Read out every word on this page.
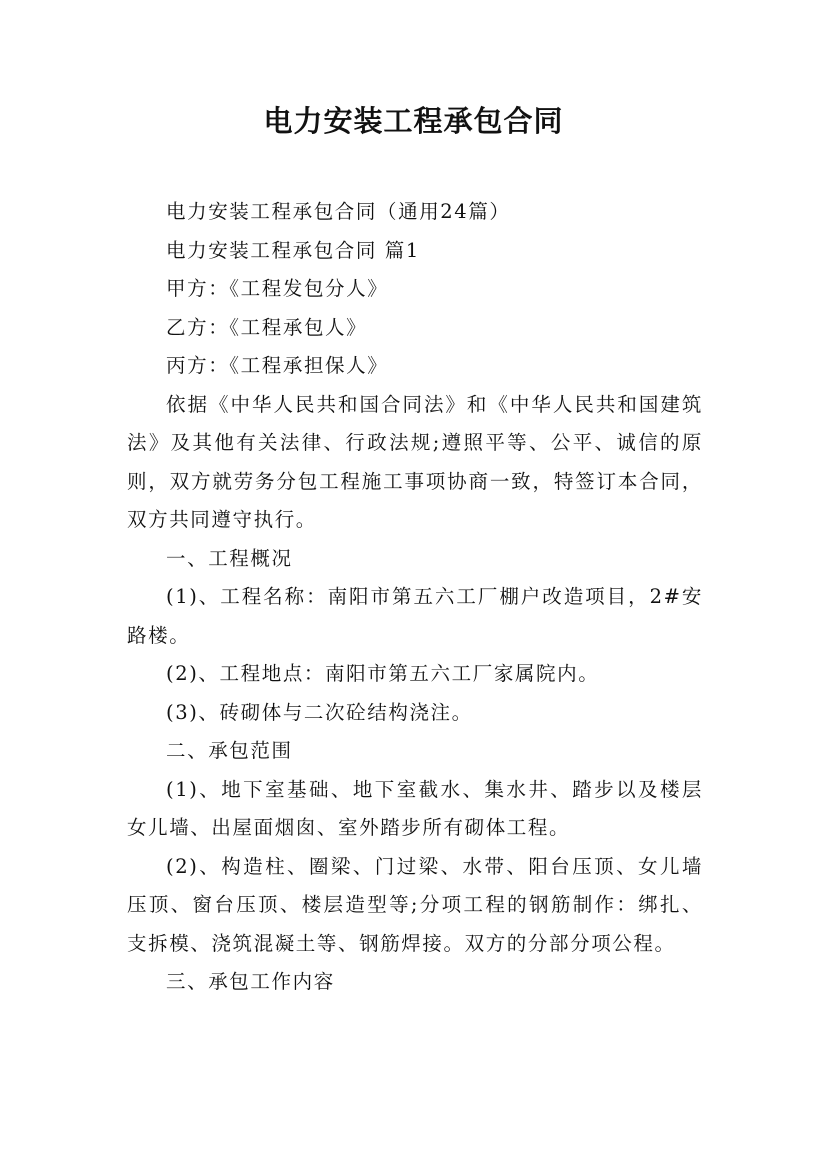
电力安装工程承包合同

电力安装工程承包合同（通用24篇）

电力安装工程承包合同 篇1

甲方：《工程发包分人》

乙方：《工程承包人》

丙方：《工程承担保人》

依据《中华人民共和国合同法》和《中华人民共和国建筑法》及其他有关法律、行政法规;遵照平等、公平、诚信的原则，双方就劳务分包工程施工事项协商一致，特签订本合同，双方共同遵守执行。

一、工程概况

(1)、工程名称：南阳市第五六工厂棚户改造项目，2#安路楼。

(2)、工程地点：南阳市第五六工厂家属院内。

(3)、砖砌体与二次砼结构浇注。

二、承包范围

(1)、地下室基础、地下室截水、集水井、踏步以及楼层女儿墙、出屋面烟囱、室外踏步所有砌体工程。

(2)、构造柱、圈梁、门过梁、水带、阳台压顶、女儿墙压顶、窗台压顶、楼层造型等;分项工程的钢筋制作：绑扎、支拆模、浇筑混凝土等、钢筋焊接。双方的分部分项公程。

三、承包工作内容
